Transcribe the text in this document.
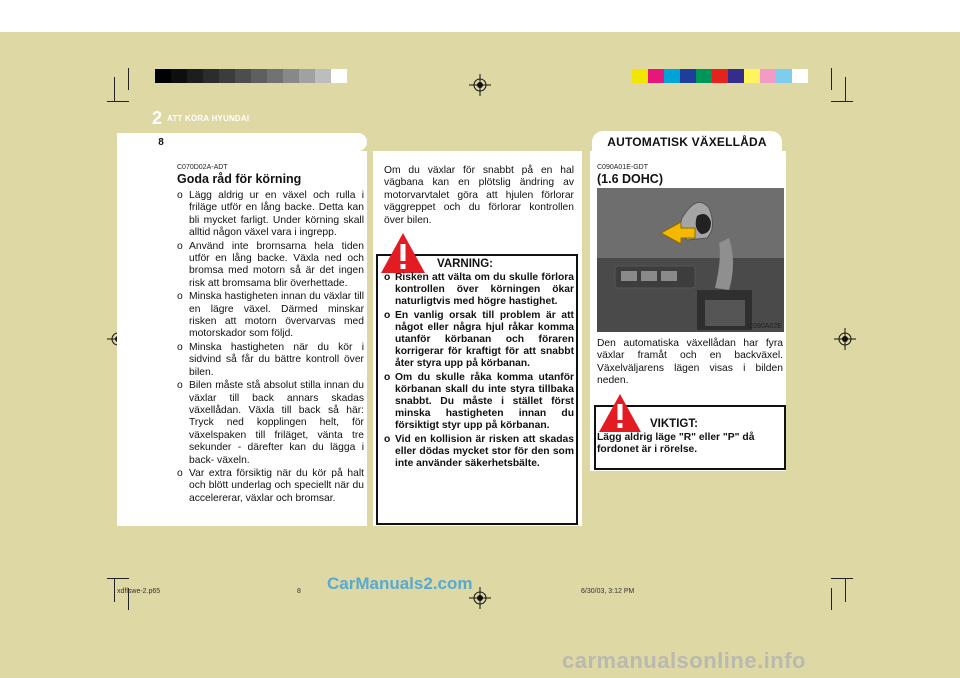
2 ATT KÖRA HYUNDAI
8	AUTOMATISK VÄXELLÅDA
C070D02A-ADT

Goda råd för körning

o Lägg aldrig ur en växel och rulla i friläge utför en lång backe. Detta kan bli mycket farligt. Under körning skall alltid någon växel vara i ingrepp.
o Använd inte brornsarna hela tiden utför en lång backe. Växla ned och bromsa med motorn så är det ingen risk att bromsama blir överhettade.
o Minska hastigheten innan du växlar till en lägre växel. Därmed minskar risken att motorn övervarvas med motorskador som följd.
o Minska hastigheten när du kör i sidvind så får du bättre kontroll över bilen.
o Bilen måste stå absolut stilla innan du växlar till back annars skadas växellådan. Växla till back så här: Tryck ned kopplingen helt, för växelspaken till friläget, vänta tre sekunder - därefter kan du lägga i back- växeln.
o Var extra försiktig när du kör på halt och blött underlag och speciellt när du accelererar, växlar och bromsar.
Om du växlar för snabbt på en hal vägbana kan en plötslig ändring av motorvarvtalet göra att hjulen förlorar väggreppet och du förlorar kontrollen över bilen.
VARNING:
o Risken att välta om du skulle förlora kontrollen över körningen ökar naturligtvis med högre hastighet.
o En vanlig orsak till problem är att något eller några hjul råkar komma utanför körbanan och föraren korrigerar för kraftigt för att snabbt åter styra upp på körbanan.
o Om du skulle råka komma utanför körbanan skall du inte styra tillbaka snabbt. Du måste i stället först minska hastigheten innan du försiktigt styr upp på körbanan.
o Vid en kollision är risken att skadas eller dödas mycket stor för den som inte använder säkerhetsbälte.
C090A01E-GDT

(1.6 DOHC)

C090A02E
Den automatiska växellådan har fyra växlar framåt och en backväxel. Växelväljarens lägen visas i bilden neden.
VIKTIGT:
Lägg aldrig läge "R" eller "P" då fordonet är i rörelse.
xdflswe-2.p65	8	6/30/03, 3:12 PM
CarManuals2.com
carmanualsonline.info
